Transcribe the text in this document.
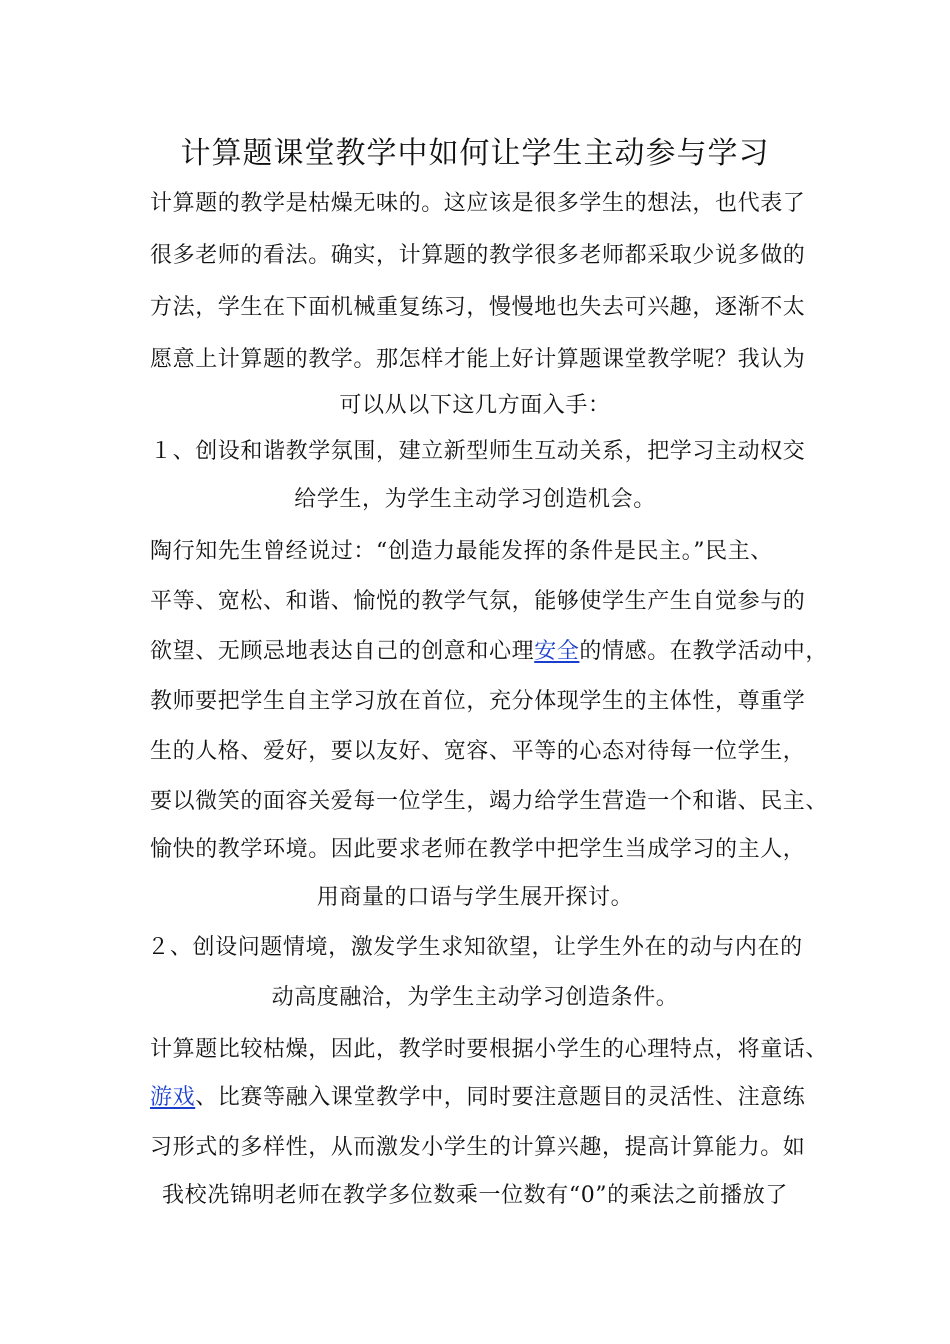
计算题课堂教学中如何让学生主动参与学习
计算题的教学是枯燥无味的。这应该是很多学生的想法，也代表了
很多老师的看法。确实，计算题的教学很多老师都采取少说多做的
方法，学生在下面机械重复练习，慢慢地也失去可兴趣，逐渐不太
愿意上计算题的教学。那怎样才能上好计算题课堂教学呢？我认为
可以从以下这几方面入手：
１、创设和谐教学氛围，建立新型师生互动关系，把学习主动权交
给学生，为学生主动学习创造机会。
陶行知先生曾经说过：“创造力最能发挥的条件是民主。”民主、
平等、宽松、和谐、愉悦的教学气氛，能够使学生产生自觉参与的
欲望、无顾忌地表达自己的创意和心理安全的情感。在教学活动中，
教师要把学生自主学习放在首位，充分体现学生的主体性，尊重学
生的人格、爱好，要以友好、宽容、平等的心态对待每一位学生，
要以微笑的面容关爱每一位学生，竭力给学生营造一个和谐、民主、
愉快的教学环境。因此要求老师在教学中把学生当成学习的主人，
用商量的口语与学生展开探讨。
２、创设问题情境，激发学生求知欲望，让学生外在的动与内在的
动高度融洽，为学生主动学习创造条件。
计算题比较枯燥，因此，教学时要根据小学生的心理特点，将童话、
游戏、比赛等融入课堂教学中，同时要注意题目的灵活性、注意练
习形式的多样性，从而激发小学生的计算兴趣，提高计算能力。如
我校冼锦明老师在教学多位数乘一位数有“0”的乘法之前播放了
